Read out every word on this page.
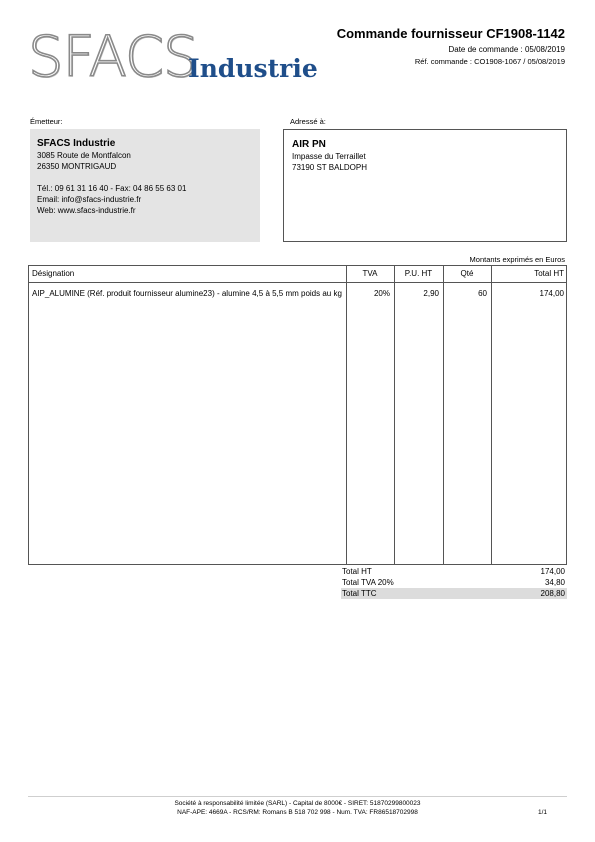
SFACS
Industrie
Commande fournisseur CF1908-1142
Date de commande : 05/08/2019
Réf. commande : CO1908-1067 / 05/08/2019
Émetteur:	Adressé à:
SFACS Industrie
3085 Route de Montfalcon
26350 MONTRIGAUD
Tél.: 09 61 31 16 40 - Fax: 04 86 55 63 01
Email: info@sfacs-industrie.fr
Web: www.sfacs-industrie.fr
AIR PN
Impasse du Terraillet
73190 ST BALDOPH
Montants exprimés en Euros
Désignation	TVA	P.U. HT	Qté	Total HT
AIP_ALUMINE (Réf. produit fournisseur alumine23) - alumine 4,5 à 5,5 mm poids au kg	20%	2,90	60	174,00
Total HT	174,00
Total TVA 20%	34,80
Total TTC	208,80
Société à responsabilité limitée (SARL) - Capital de 8000€ - SIRET: 51870299800023
NAF-APE: 4669A - RCS/RM: Romans B 518 702 998 - Num. TVA: FR86518702998	1/1
